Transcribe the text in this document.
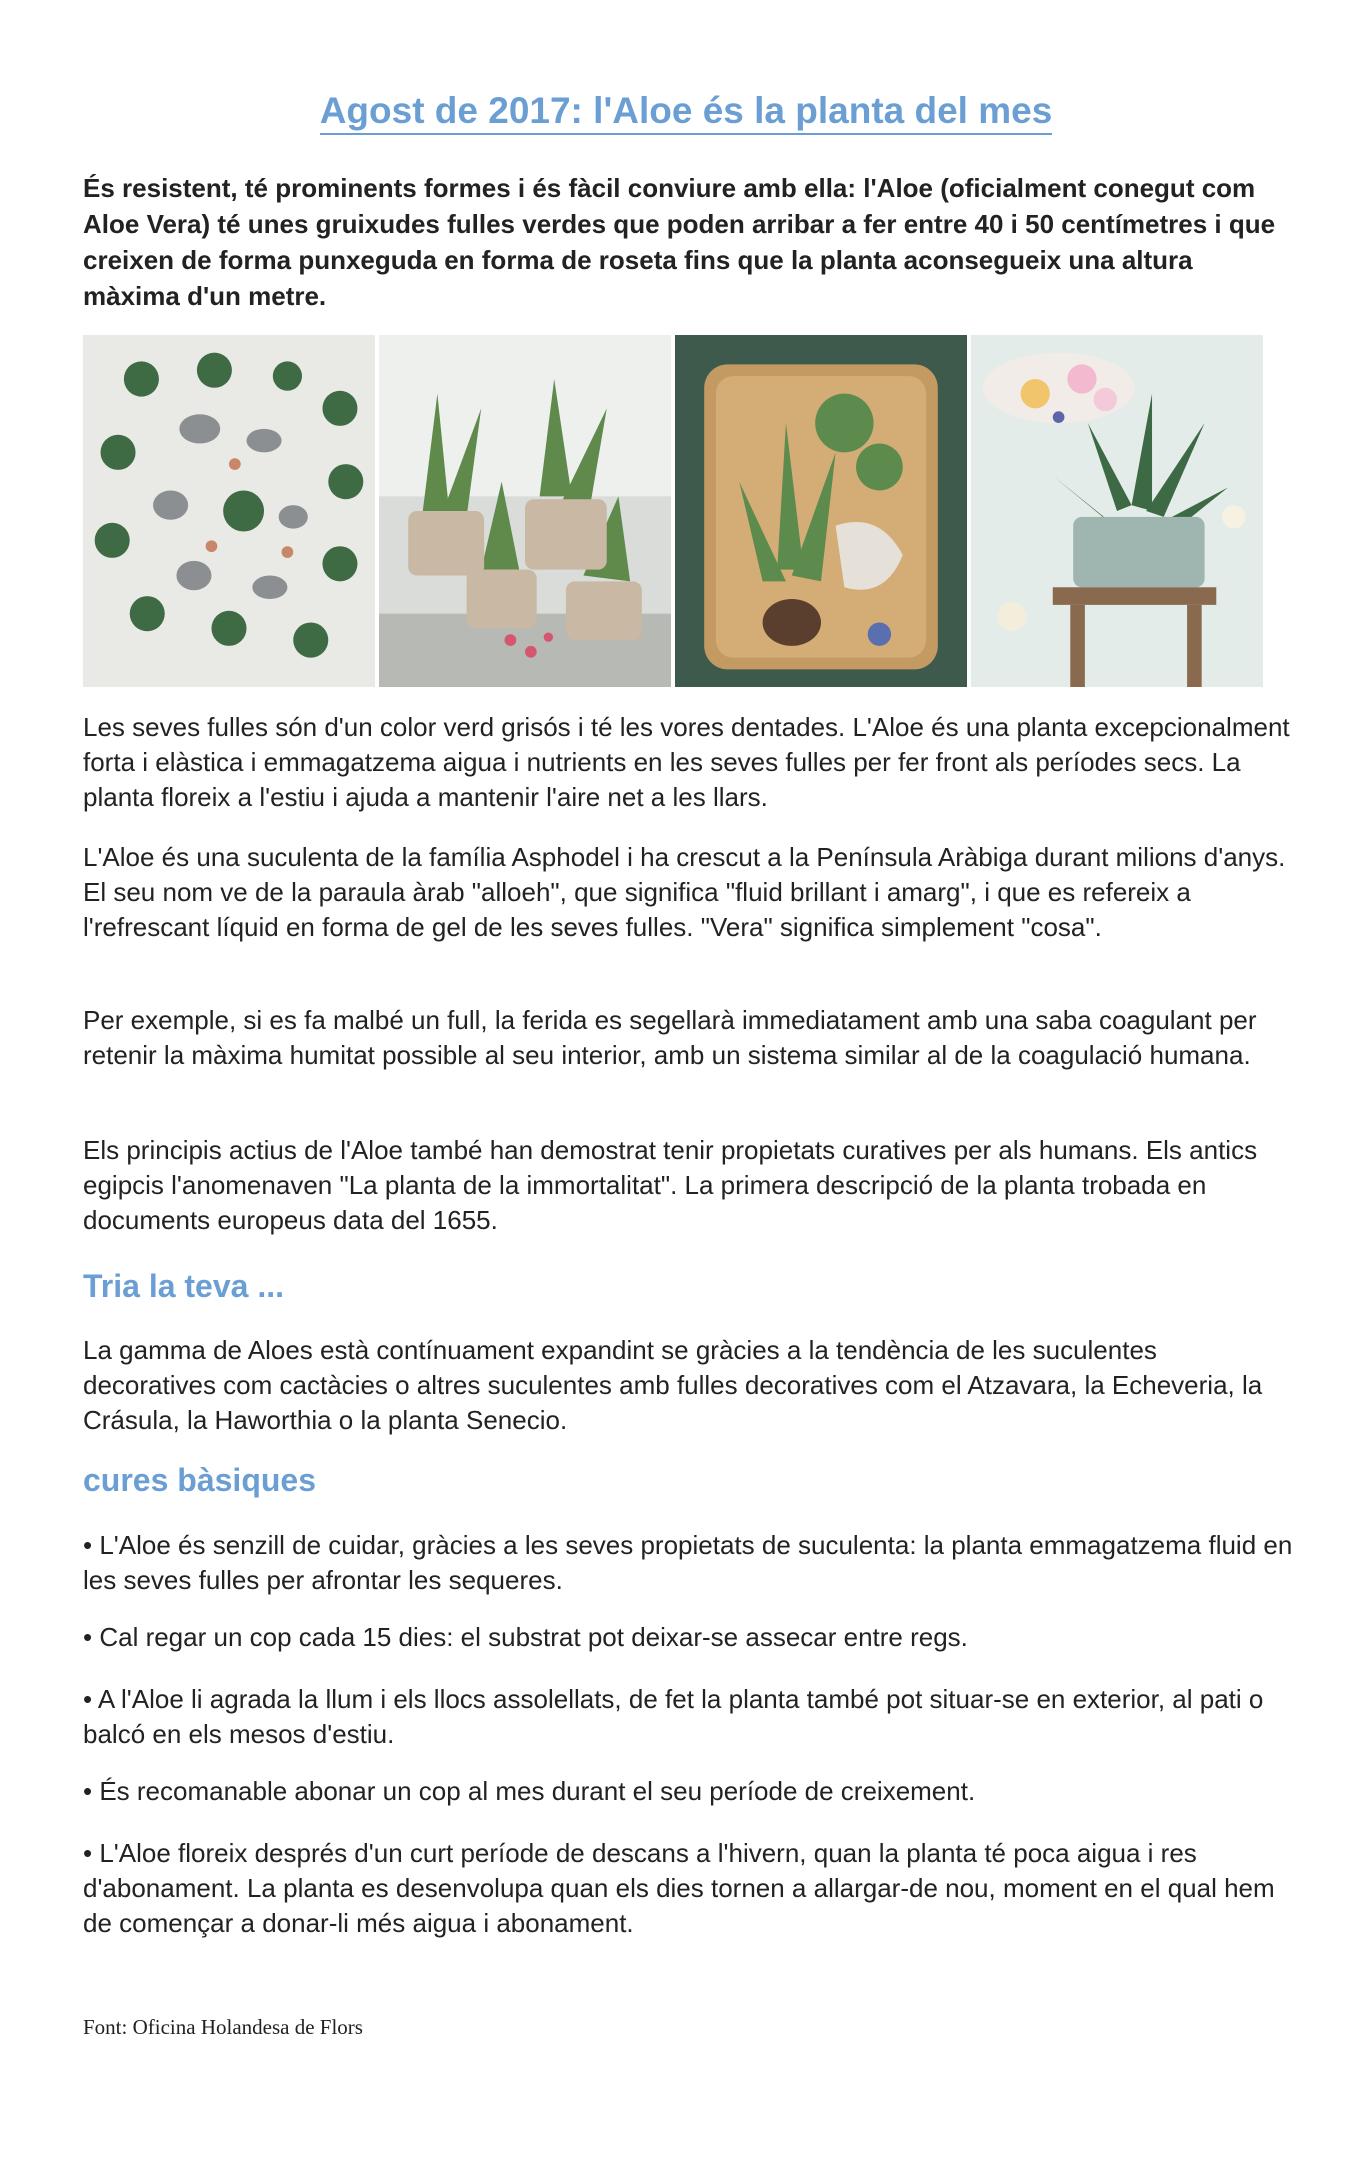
Agost de 2017: l'Aloe és la planta del mes

És resistent, té prominents formes i és fàcil conviure amb ella: l'Aloe (oficialment conegut com Aloe Vera) té unes gruixudes fulles verdes que poden arribar a fer entre 40 i 50 centímetres i que creixen de forma punxeguda en forma de roseta fins que la planta aconsegueix una altura màxima d'un metre.

Les seves fulles són d'un color verd grisós i té les vores dentades. L'Aloe és una planta excepcionalment forta i elàstica i emmagatzema aigua i nutrients en les seves fulles per fer front als períodes secs. La planta floreix a l'estiu i ajuda a mantenir l'aire net a les llars.

L'Aloe és una suculenta de la família Asphodel i ha crescut a la Península Aràbiga durant milions d'anys. El seu nom ve de la paraula àrab "alloeh", que significa "fluid brillant i amarg", i que es refereix a l'refrescant líquid en forma de gel de les seves fulles. "Vera" significa simplement "cosa".

Per exemple, si es fa malbé un full, la ferida es segellarà immediatament amb una saba coagulant per retenir la màxima humitat possible al seu interior, amb un sistema similar al de la coagulació humana.

Els principis actius de l'Aloe també han demostrat tenir propietats curatives per als humans. Els antics egipcis l'anomenaven "La planta de la immortalitat". La primera descripció de la planta trobada en documents europeus data del 1655.

Tria la teva ...

La gamma de Aloes està contínuament expandint se gràcies a la tendència de les suculentes decoratives com cactàcies o altres suculentes amb fulles decoratives com el Atzavara, la Echeveria, la Crásula, la Haworthia o la planta Senecio.

cures bàsiques

• L'Aloe és senzill de cuidar, gràcies a les seves propietats de suculenta: la planta emmagatzema fluid en les seves fulles per afrontar les sequeres.

• Cal regar un cop cada 15 dies: el substrat pot deixar-se assecar entre regs.

• A l'Aloe li agrada la llum i els llocs assolellats, de fet la planta també pot situar-se en exterior, al pati o balcó en els mesos d'estiu.

• És recomanable abonar un cop al mes durant el seu període de creixement.

• L'Aloe floreix després d'un curt període de descans a l'hivern, quan la planta té poca aigua i res d'abonament. La planta es desenvolupa quan els dies tornen a allargar-de nou, moment en el qual hem de començar a donar-li més aigua i abonament.

Font: Oficina Holandesa de Flors
